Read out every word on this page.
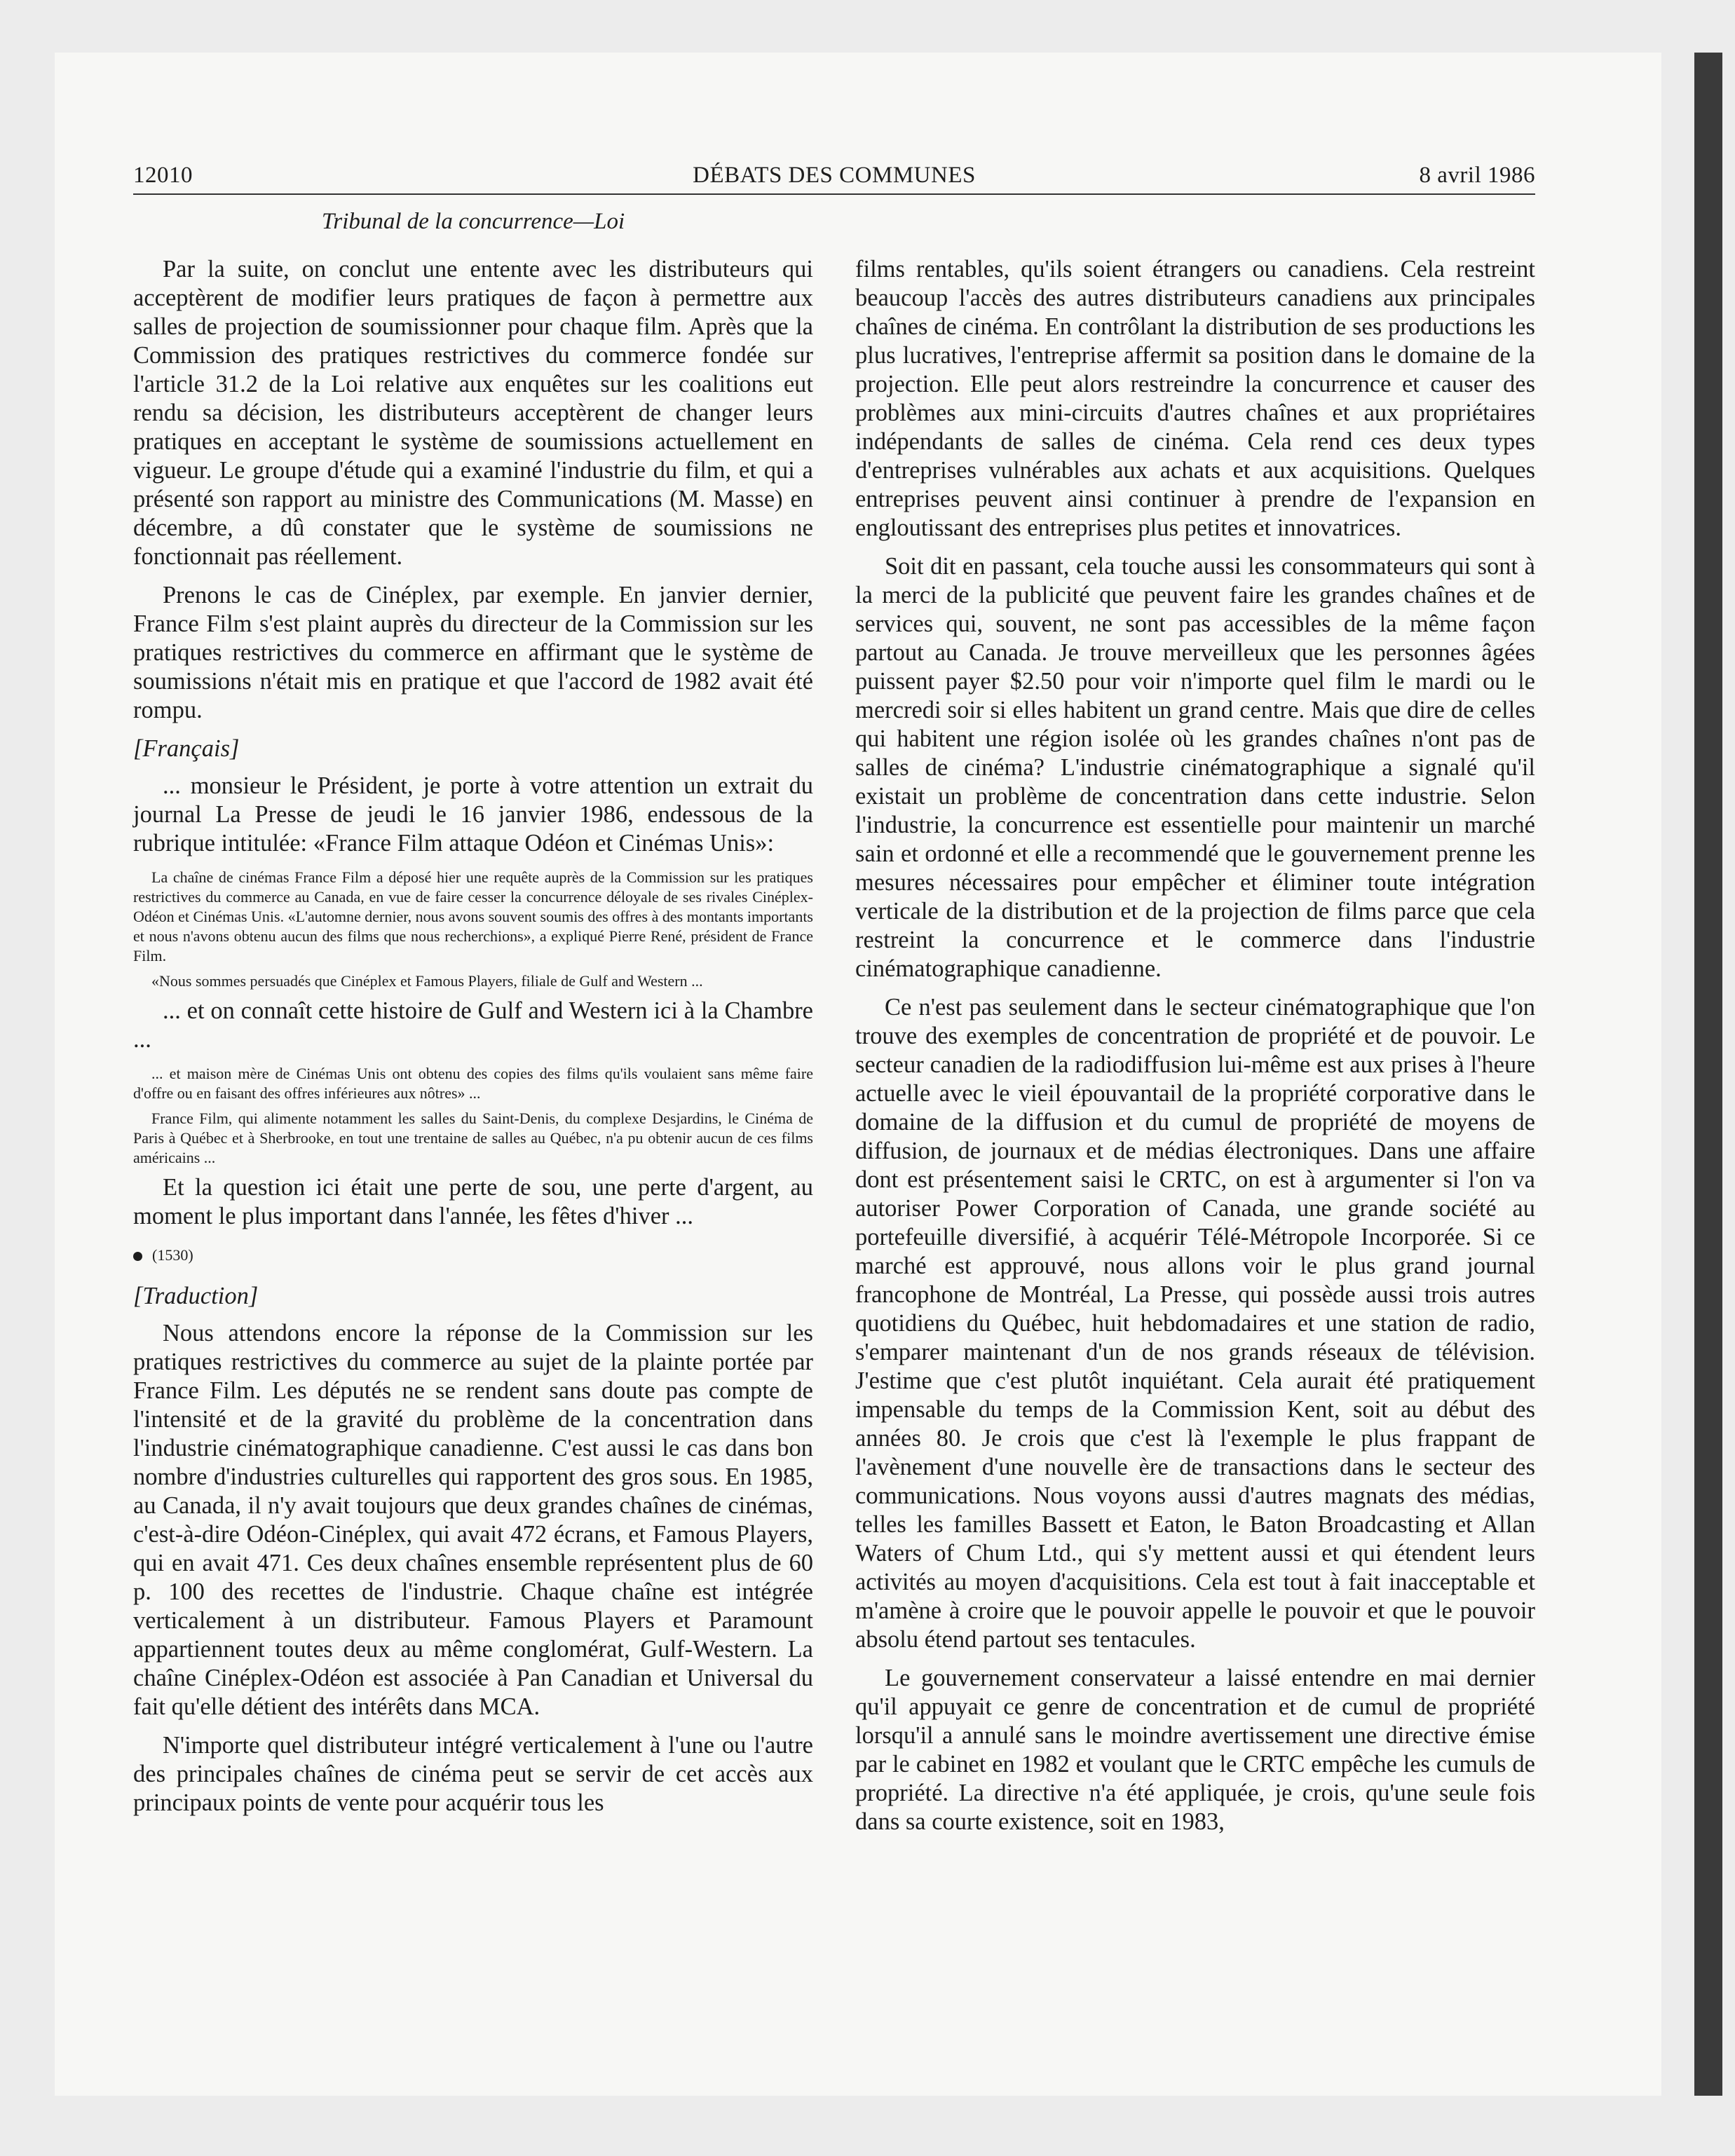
DÉBATS DES COMMUNES
12010	8 avril 1986
Tribunal de la concurrence—Loi

Par la suite, on conclut une entente avec les distributeurs qui acceptèrent de modifier leurs pratiques de façon à permettre aux salles de projection de soumissionner pour chaque film. Après que la Commission des pratiques restrictives du commerce fondée sur l'article 31.2 de la Loi relative aux enquêtes sur les coalitions eut rendu sa décision, les distributeurs acceptèrent de changer leurs pratiques en acceptant le système de soumissions actuellement en vigueur. Le groupe d'étude qui a examiné l'industrie du film, et qui a présenté son rapport au ministre des Communications (M. Masse) en décembre, a dû constater que le système de soumissions ne fonctionnait pas réellement.

Prenons le cas de Cinéplex, par exemple. En janvier dernier, France Film s'est plaint auprès du directeur de la Commission sur les pratiques restrictives du commerce en affirmant que le système de soumissions n'était mis en pratique et que l'accord de 1982 avait été rompu.

[Français]

... monsieur le Président, je porte à votre attention un extrait du journal La Presse de jeudi le 16 janvier 1986, endessous de la rubrique intitulée: «France Film attaque Odéon et Cinémas Unis»:

La chaîne de cinémas France Film a déposé hier une requête auprès de la Commission sur les pratiques restrictives du commerce au Canada, en vue de faire cesser la concurrence déloyale de ses rivales Cinéplex-Odéon et Cinémas Unis. «L'automne dernier, nous avons souvent soumis des offres à des montants importants et nous n'avons obtenu aucun des films que nous recherchions», a expliqué Pierre René, président de France Film.

«Nous sommes persuadés que Cinéplex et Famous Players, filiale de Gulf and Western ...

... et on connaît cette histoire de Gulf and Western ici à la Chambre ...

... et maison mère de Cinémas Unis ont obtenu des copies des films qu'ils voulaient sans même faire d'offre ou en faisant des offres inférieures aux nôtres» ...

France Film, qui alimente notamment les salles du Saint-Denis, du complexe Desjardins, le Cinéma de Paris à Québec et à Sherbrooke, en tout une trentaine de salles au Québec, n'a pu obtenir aucun de ces films américains ...

Et la question ici était une perte de sou, une perte d'argent, au moment le plus important dans l'année, les fêtes d'hiver ...

(1530)

[Traduction]

Nous attendons encore la réponse de la Commission sur les pratiques restrictives du commerce au sujet de la plainte portée par France Film. Les députés ne se rendent sans doute pas compte de l'intensité et de la gravité du problème de la concentration dans l'industrie cinématographique canadienne. C'est aussi le cas dans bon nombre d'industries culturelles qui rapportent des gros sous. En 1985, au Canada, il n'y avait toujours que deux grandes chaînes de cinémas, c'est-à-dire Odéon-Cinéplex, qui avait 472 écrans, et Famous Players, qui en avait 471. Ces deux chaînes ensemble représentent plus de 60 p. 100 des recettes de l'industrie. Chaque chaîne est intégrée verticalement à un distributeur. Famous Players et Paramount appartiennent toutes deux au même conglomérat, Gulf-Western. La chaîne Cinéplex-Odéon est associée à Pan Canadian et Universal du fait qu'elle détient des intérêts dans MCA.

N'importe quel distributeur intégré verticalement à l'une ou l'autre des principales chaînes de cinéma peut se servir de cet accès aux principaux points de vente pour acquérir tous les

films rentables, qu'ils soient étrangers ou canadiens. Cela restreint beaucoup l'accès des autres distributeurs canadiens aux principales chaînes de cinéma. En contrôlant la distribution de ses productions les plus lucratives, l'entreprise affermit sa position dans le domaine de la projection. Elle peut alors restreindre la concurrence et causer des problèmes aux mini-circuits d'autres chaînes et aux propriétaires indépendants de salles de cinéma. Cela rend ces deux types d'entreprises vulnérables aux achats et aux acquisitions. Quelques entreprises peuvent ainsi continuer à prendre de l'expansion en engloutissant des entreprises plus petites et innovatrices.

Soit dit en passant, cela touche aussi les consommateurs qui sont à la merci de la publicité que peuvent faire les grandes chaînes et de services qui, souvent, ne sont pas accessibles de la même façon partout au Canada. Je trouve merveilleux que les personnes âgées puissent payer $2.50 pour voir n'importe quel film le mardi ou le mercredi soir si elles habitent un grand centre. Mais que dire de celles qui habitent une région isolée où les grandes chaînes n'ont pas de salles de cinéma? L'industrie cinématographique a signalé qu'il existait un problème de concentration dans cette industrie. Selon l'industrie, la concurrence est essentielle pour maintenir un marché sain et ordonné et elle a recommendé que le gouvernement prenne les mesures nécessaires pour empêcher et éliminer toute intégration verticale de la distribution et de la projection de films parce que cela restreint la concurrence et le commerce dans l'industrie cinématographique canadienne.

Ce n'est pas seulement dans le secteur cinématographique que l'on trouve des exemples de concentration de propriété et de pouvoir. Le secteur canadien de la radiodiffusion lui-même est aux prises à l'heure actuelle avec le vieil épouvantail de la propriété corporative dans le domaine de la diffusion et du cumul de propriété de moyens de diffusion, de journaux et de médias électroniques. Dans une affaire dont est présentement saisi le CRTC, on est à argumenter si l'on va autoriser Power Corporation of Canada, une grande société au portefeuille diversifié, à acquérir Télé-Métropole Incorporée. Si ce marché est approuvé, nous allons voir le plus grand journal francophone de Montréal, La Presse, qui possède aussi trois autres quotidiens du Québec, huit hebdomadaires et une station de radio, s'emparer maintenant d'un de nos grands réseaux de télévision. J'estime que c'est plutôt inquiétant. Cela aurait été pratiquement impensable du temps de la Commission Kent, soit au début des années 80. Je crois que c'est là l'exemple le plus frappant de l'avènement d'une nouvelle ère de transactions dans le secteur des communications. Nous voyons aussi d'autres magnats des médias, telles les familles Bassett et Eaton, le Baton Broadcasting et Allan Waters of Chum Ltd., qui s'y mettent aussi et qui étendent leurs activités au moyen d'acquisitions. Cela est tout à fait inacceptable et m'amène à croire que le pouvoir appelle le pouvoir et que le pouvoir absolu étend partout ses tentacules.

Le gouvernement conservateur a laissé entendre en mai dernier qu'il appuyait ce genre de concentration et de cumul de propriété lorsqu'il a annulé sans le moindre avertissement une directive émise par le cabinet en 1982 et voulant que le CRTC empêche les cumuls de propriété. La directive n'a été appliquée, je crois, qu'une seule fois dans sa courte existence, soit en 1983,
